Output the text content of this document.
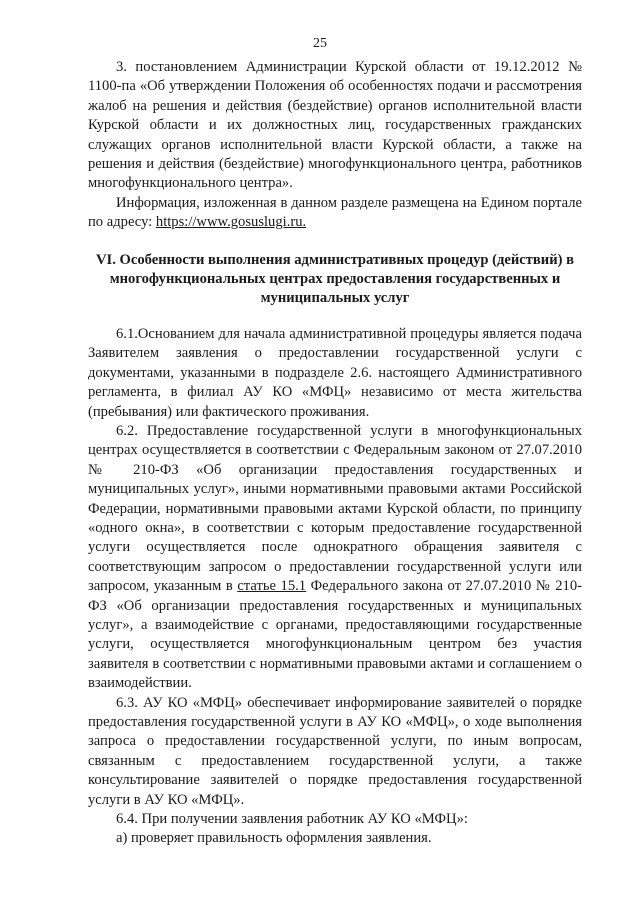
25

3. постановлением Администрации Курской области от 19.12.2012 № 1100-па «Об утверждении Положения об особенностях подачи и рассмотрения жалоб на решения и действия (бездействие) органов исполнительной власти Курской области и их должностных лиц, государственных гражданских служащих органов исполнительной власти Курской области, а также на решения и действия (бездействие) многофункционального центра, работников многофункционального центра».

Информация, изложенная в данном разделе размещена на Едином портале по адресу: https://www.gosuslugi.ru.

VI. Особенности выполнения административных процедур (действий) в многофункциональных центрах предоставления государственных и муниципальных услуг

6.1.Основанием для начала административной процедуры является подача Заявителем заявления о предоставлении государственной услуги с документами, указанными в подразделе 2.6. настоящего Административного регламента, в филиал АУ КО «МФЦ» независимо от места жительства (пребывания) или фактического проживания.

6.2. Предоставление государственной услуги в многофункциональных центрах осуществляется в соответствии с Федеральным законом от 27.07.2010 № 210-ФЗ «Об организации предоставления государственных и муниципальных услуг», иными нормативными правовыми актами Российской Федерации, нормативными правовыми актами Курской области, по принципу «одного окна», в соответствии с которым предоставление государственной услуги осуществляется после однократного обращения заявителя с соответствующим запросом о предоставлении государственной услуги или запросом, указанным в статье 15.1 Федерального закона от 27.07.2010 № 210-ФЗ «Об организации предоставления государственных и муниципальных услуг», а взаимодействие с органами, предоставляющими государственные услуги, осуществляется многофункциональным центром без участия заявителя в соответствии с нормативными правовыми актами и соглашением о взаимодействии.

6.3. АУ КО «МФЦ» обеспечивает информирование заявителей о порядке предоставления государственной услуги в АУ КО «МФЦ», о ходе выполнения запроса о предоставлении государственной услуги, по иным вопросам, связанным с предоставлением государственной услуги, а также консультирование заявителей о порядке предоставления государственной услуги в АУ КО «МФЦ».

6.4. При получении заявления работник АУ КО «МФЦ»:

а) проверяет правильность оформления заявления.
